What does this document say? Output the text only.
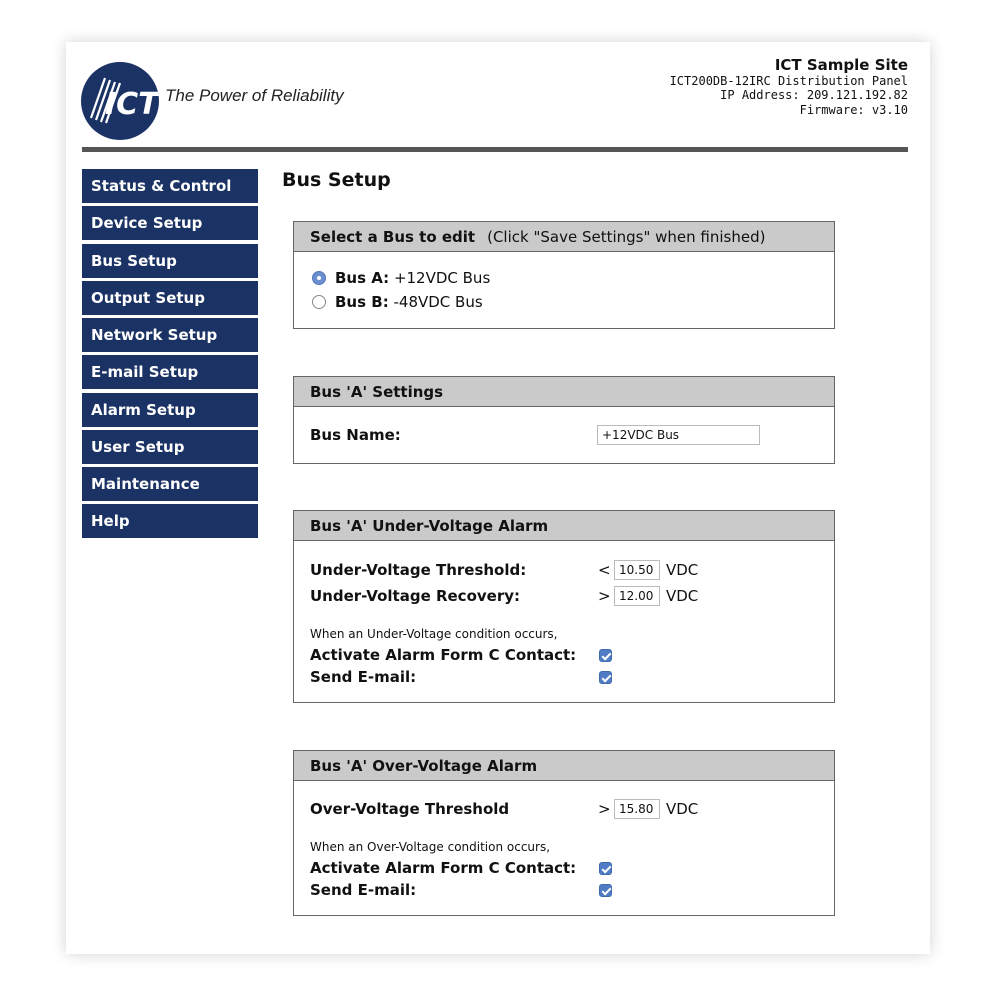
ICT The Power of Reliability
ICT Sample Site
ICT200DB-12IRC Distribution Panel
IP Address: 209.121.192.82
Firmware: v3.10
Status & Control
Device Setup
Bus Setup
Output Setup
Network Setup
E-mail Setup
Alarm Setup
User Setup
Maintenance
Help
Bus Setup
Select a Bus to edit (Click "Save Settings" when finished)
Bus A:
+12VDC Bus
Bus B:
-48VDC Bus
Bus 'A' Settings
Bus Name:	+12VDC Bus
Bus 'A' Under-Voltage Alarm
Under-Voltage Threshold:	< 10.50 VDC
Under-Voltage Recovery:	> 12.00 VDC
When an Under-Voltage condition occurs,
Activate Alarm Form C Contact:
Send E-mail:
Bus 'A' Over-Voltage Alarm
Over-Voltage Threshold	> 15.80 VDC
When an Over-Voltage condition occurs,
Activate Alarm Form C Contact:
Send E-mail:
